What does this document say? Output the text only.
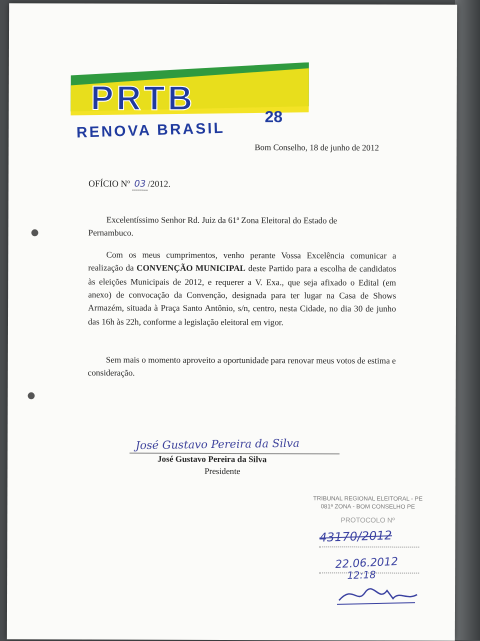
PRTB	28
RENOVA BRASIL
Bom Conselho, 18 de junho de 2012
OFÍCIO Nº 03 /2012.
Excelentíssimo Senhor Rd. Juiz da 61ª Zona Eleitoral do Estado de Pernambuco.
Com os meus cumprimentos, venho perante Vossa Excelência comunicar a realização da CONVENÇÃO MUNICIPAL deste Partido para a escolha de candidatos às eleições Municipais de 2012, e requerer a V. Exa., que seja afixado o Edital (em anexo) de convocação da Convenção, designada para ter lugar na Casa de Shows Armazém, situada à Praça Santo Antônio, s/n, centro, nesta Cidade, no dia 30 de junho das 16h às 22h, conforme a legislação eleitoral em vigor.
Sem mais o momento aproveito a oportunidade para renovar meus votos de estima e consideração.
José Gustavo Pereira da Silva
José Gustavo Pereira da Silva
Presidente
TRIBUNAL REGIONAL ELEITORAL - PE
081ª ZONA - BOM CONSELHO PE
PROTOCOLO Nº
43170/2012
22.06.2012
12:18
